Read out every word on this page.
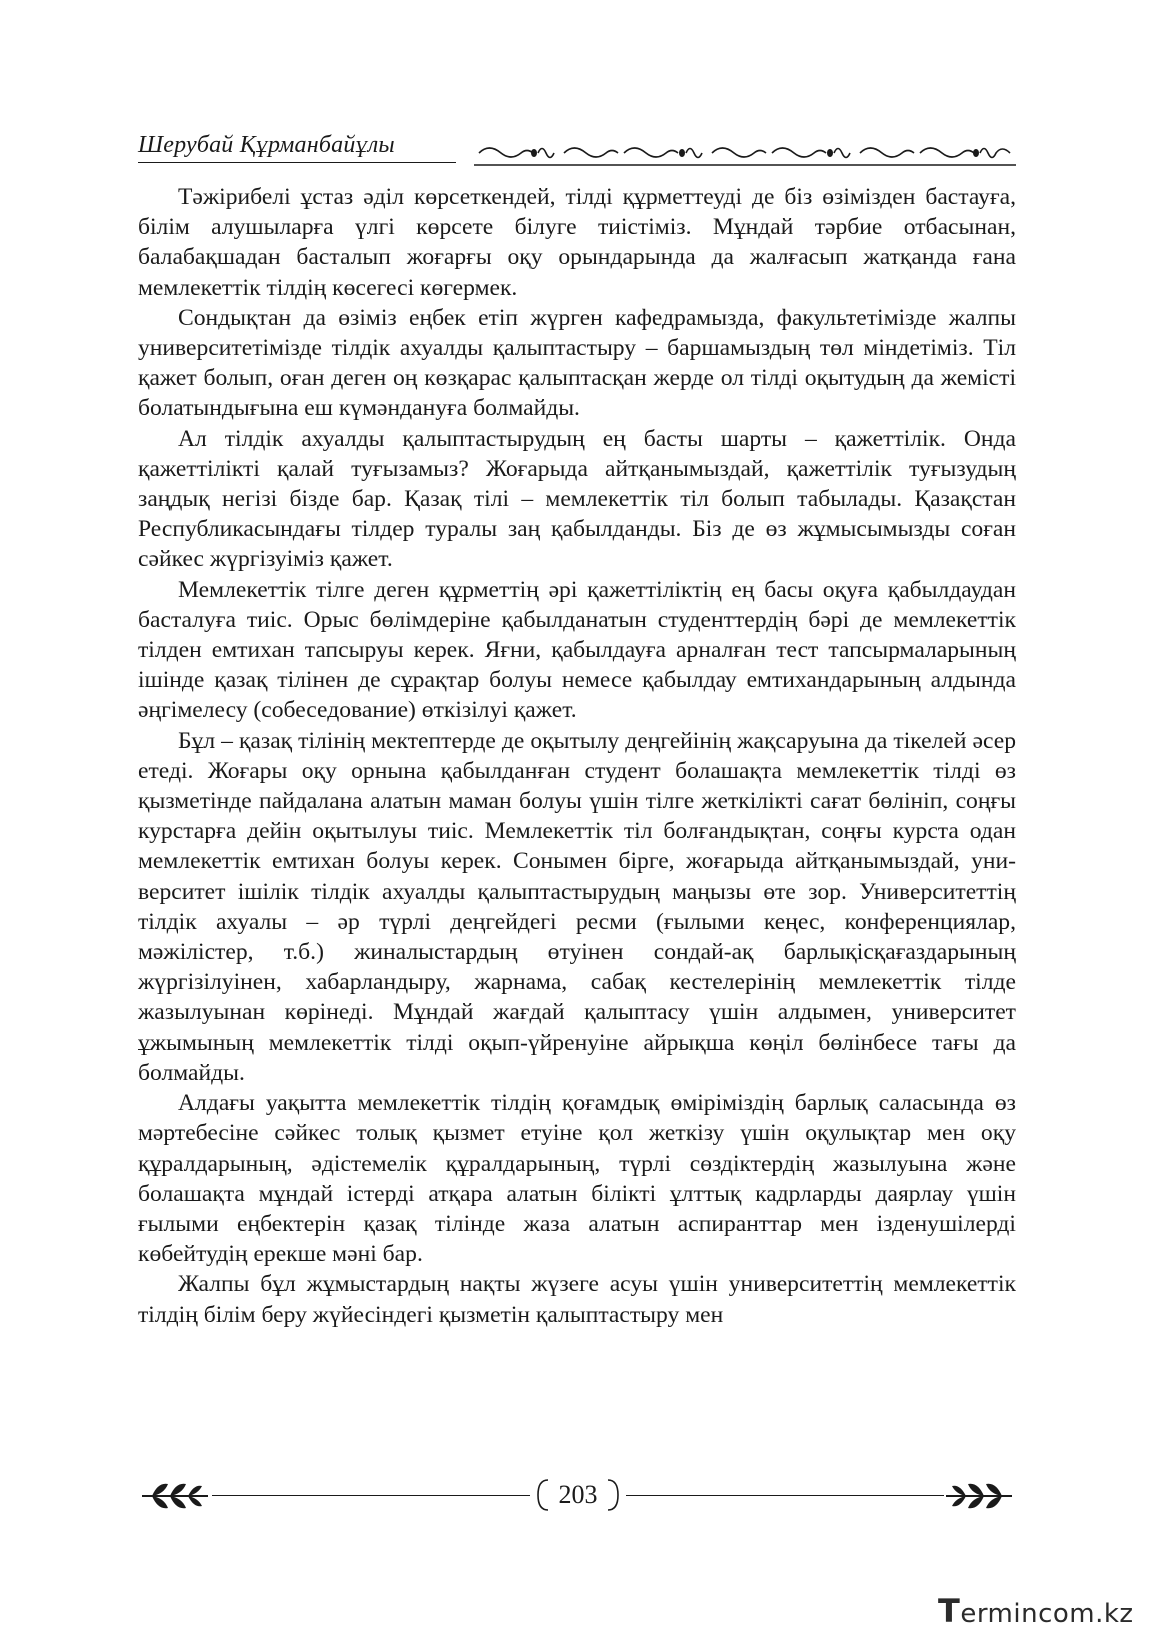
Шерубай Құрманбайұлы

Тәжірибелі ұстаз әділ көрсеткендей, тілді құрметтеуді де біз өзімізден бастауға, білім алушыларға үлгі көрсете білуге тиістіміз. Мұндай тәрбие отбасынан, балабақшадан басталып жоғарғы оқу орындарында да жалғасып жатқанда ғана мемлекеттік тілдің көсегесі көгермек.

Сондықтан да өзіміз еңбек етіп жүрген кафедрамызда, факультетімізде жалпы университетімізде тілдік ахуалды қалыптастыру – баршамыздың төл міндетіміз. Тіл қажет болып, оған деген оң көзқарас қалыптасқан жерде ол тілді оқытудың да жемісті болатындығына еш күмәндануға болмайды.

Ал тілдік ахуалды қалыптастырудың ең басты шарты – қажеттілік. Онда қажеттілікті қалай туғызамыз? Жоғарыда айтқанымыздай, қажеттілік туғызудың заңдық негізі бізде бар. Қазақ тілі – мемлекеттік тіл болып табылады. Қазақстан Республикасындағы тілдер туралы заң қабылданды. Біз де өз жұмысымызды соған сәйкес жүргізуіміз қажет.

Мемлекеттік тілге деген құрметтің әрі қажеттіліктің ең басы оқуға қабылдаудан басталуға тиіс. Орыс бөлімдеріне қабылданатын студенттердің бәрі де мемлекеттік тілден емтихан тапсыруы керек. Яғни, қабылдауға арналған тест тапсырмаларының ішінде қазақ тілінен де сұрақтар болуы немесе қабылдау емтихандарының алдында әңгімелесу (собеседование) өткізілуі қажет.

Бұл – қазақ тілінің мектептерде де оқытылу деңгейінің жақсаруына да тікелей әсер етеді. Жоғары оқу орнына қабылданған студент болашақта мемлекеттік тілді өз қызметінде пайдалана алатын маман болуы үшін тілге жеткілікті сағат бөлініп, соңғы курстарға дейін оқытылуы тиіс. Мемлекеттік тіл болғандықтан, соңғы курста одан мемлекеттік емтихан болуы керек. Сонымен бірге, жоғарыда айтқанымыздай, университет ішілік тілдік ахуалды қалыптастырудың маңызы өте зор. Университеттің тілдік ахуалы – әр түрлі деңгейдегі ресми (ғылыми кеңес, конференциялар, мәжілістер, т.б.) жиналыстардың өтуінен сондай-ақ барлықісқағаздарының жүргізілуінен, хабарландыру, жарнама, сабақ кестелерінің мемлекеттік тілде жазылуынан көрінеді. Мұндай жағдай қалыптасу үшін алдымен, университет ұжымының мемлекеттік тілді оқып-үйренуіне айрықша көңіл бөлінбесе тағы да болмайды.

Алдағы уақытта мемлекеттік тілдің қоғамдық өміріміздің барлық саласында өз мәртебесіне сәйкес толық қызмет етуіне қол жеткізу үшін оқулықтар мен оқу құралдарының, әдістемелік құралдарының, түрлі сөздіктердің жазылуына және болашақта мұндай істерді атқара алатын білікті ұлттық кадрларды даярлау үшін ғылыми еңбектерін қазақ тілінде жаза алатын аспиранттар мен ізденушілерді көбейтудің ерекше мәні бар.

Жалпы бұл жұмыстардың нақты жүзеге асуы үшін университеттің мемлекеттік тілдің білім беру жүйесіндегі қызметін қалыптастыру мен

203
Termincom.kz
